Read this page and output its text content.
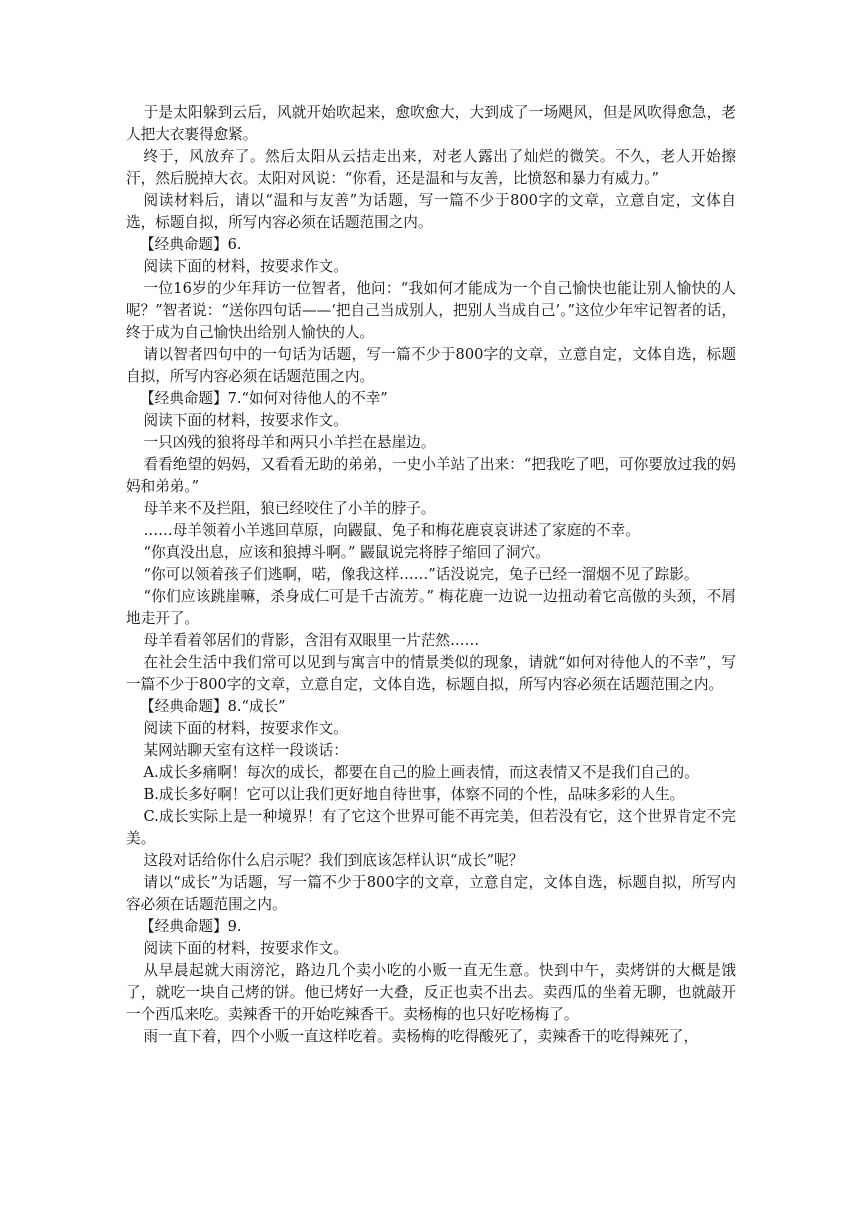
于是太阳躲到云后，风就开始吹起来，愈吹愈大，大到成了一场飓风，但是风吹得愈急，老人把大衣裹得愈紧。

终于，风放弃了。然后太阳从云拮走出来，对老人露出了灿烂的微笑。不久，老人开始擦汗，然后脱掉大衣。太阳对风说：“你看，还是温和与友善，比愤怒和暴力有威力。”

阅读材料后，请以“温和与友善”为话题，写一篇不少于800字的文章，立意自定，文体自选，标题自拟，所写内容必须在话题范围之内。

【经典命题】6.

阅读下面的材料，按要求作文。

一位16岁的少年拜访一位智者，他问：“我如何才能成为一个自己愉快也能让别人愉快的人呢？”智者说：“送你四句话——‘把自己当成别人，把别人当成自己’。”这位少年牢记智者的话，终于成为自己愉快出给别人愉快的人。

请以智者四句中的一句话为话题，写一篇不少于800字的文章，立意自定，文体自选，标题自拟，所写内容必须在话题范围之内。

【经典命题】7.“如何对待他人的不幸”

阅读下面的材料，按要求作文。

一只凶残的狼将母羊和两只小羊拦在悬崖边。

看看绝望的妈妈，又看看无助的弟弟，一史小羊站了出来：“把我吃了吧，可你要放过我的妈妈和弟弟。”

母羊来不及拦阻，狼已经咬住了小羊的脖子。

……母羊领着小羊逃回草原，向鼹鼠、兔子和梅花鹿哀哀讲述了家庭的不幸。

“你真没出息，应该和狼搏斗啊。” 鼹鼠说完将脖子缩回了洞穴。

“你可以领着孩子们逃啊，喏，像我这样……”话没说完，兔子已经一溜烟不见了踪影。

“你们应该跳崖嘛，杀身成仁可是千古流芳。” 梅花鹿一边说一边扭动着它高傲的头颈，不屑地走开了。

母羊看着邻居们的背影，含泪有双眼里一片茫然……

在社会生活中我们常可以见到与寓言中的情景类似的现象，请就“如何对待他人的不幸”，写一篇不少于800字的文章，立意自定，文体自选，标题自拟，所写内容必须在话题范围之内。

【经典命题】8.“成长”

阅读下面的材料，按要求作文。

某网站聊天室有这样一段谈话：

A.成长多痛啊！每次的成长，都要在自己的脸上画表情，而这表情又不是我们自己的。

B.成长多好啊！它可以让我们更好地自待世事，体察不同的个性，品味多彩的人生。

C.成长实际上是一种境界！有了它这个世界可能不再完美，但若没有它，这个世界肯定不完美。

这段对话给你什么启示呢？我们到底该怎样认识“成长”呢？

请以“成长”为话题，写一篇不少于800字的文章，立意自定，文体自选，标题自拟，所写内容必须在话题范围之内。

【经典命题】9.

阅读下面的材料，按要求作文。

从早晨起就大雨滂沱，路边几个卖小吃的小贩一直无生意。快到中午，卖烤饼的大概是饿了，就吃一块自己烤的饼。他已烤好一大叠，反正也卖不出去。卖西瓜的坐着无聊，也就敲开一个西瓜来吃。卖辣香干的开始吃辣香干。卖杨梅的也只好吃杨梅了。

雨一直下着，四个小贩一直这样吃着。卖杨梅的吃得酸死了，卖辣香干的吃得辣死了，
